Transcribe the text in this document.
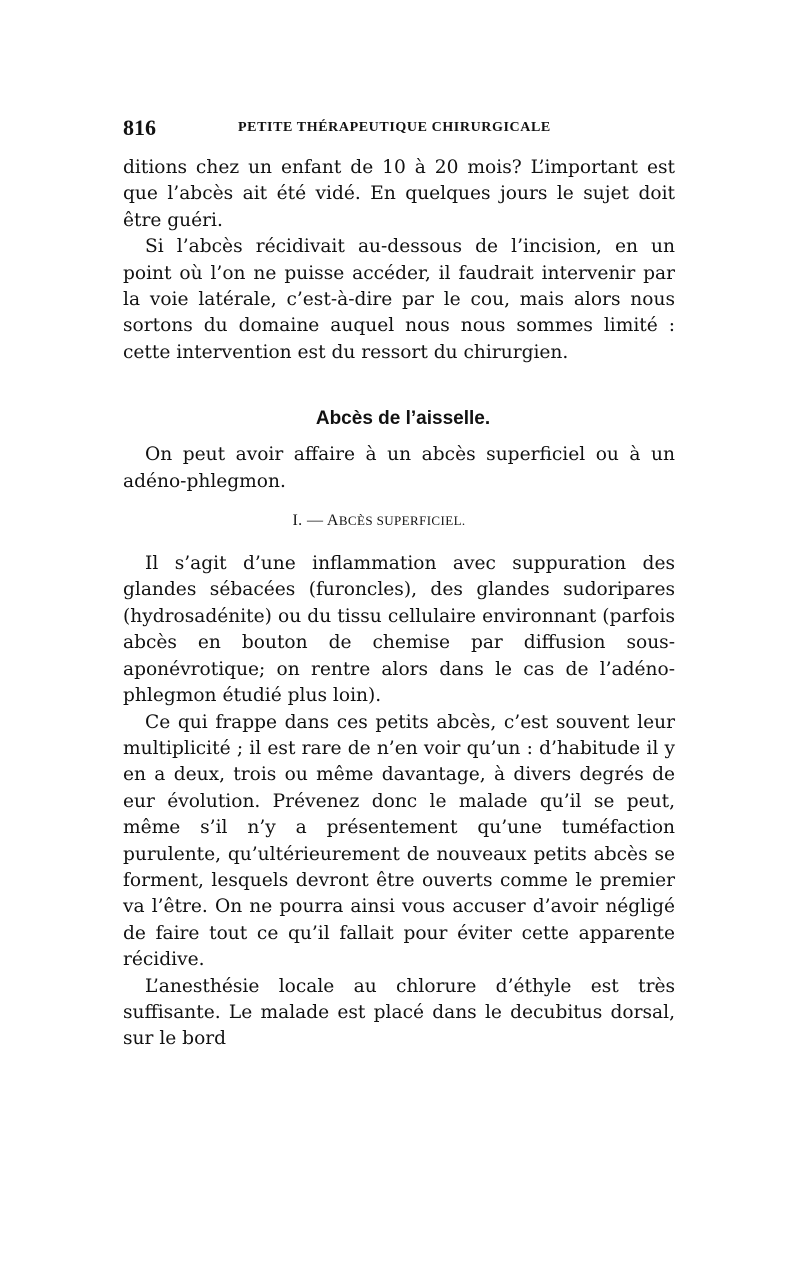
816	PETITE THÉRAPEUTIQUE CHIRURGICALE

ditions chez un enfant de 10 à 20 mois? L’important est que l’abcès ait été vidé. En quelques jours le sujet doit être guéri.

Si l’abcès récidivait au-dessous de l’incision, en un point où l’on ne puisse accéder, il faudrait intervenir par la voie latérale, c’est-à-dire par le cou, mais alors nous sortons du domaine auquel nous nous sommes limité : cette intervention est du ressort du chirurgien.

Abcès de l’aisselle.

On peut avoir affaire à un abcès superficiel ou à un adéno-phlegmon.

I. — ABCÈS SUPERFICIEL.

Il s’agit d’une inflammation avec suppuration des glandes sébacées (furoncles), des glandes sudoripares (hydrosadénite) ou du tissu cellulaire environnant (parfois abcès en bouton de chemise par diffusion sous-aponévrotique; on rentre alors dans le cas de l’adéno-phlegmon étudié plus loin).

Ce qui frappe dans ces petits abcès, c’est souvent leur multiplicité ; il est rare de n’en voir qu’un : d’habitude il y en a deux, trois ou même davantage, à divers degrés de eur évolution. Prévenez donc le malade qu’il se peut, même s’il n’y a présentement qu’une tuméfaction purulente, qu’ultérieurement de nouveaux petits abcès se forment, lesquels devront être ouverts comme le premier va l’être. On ne pourra ainsi vous accuser d’avoir négligé de faire tout ce qu’il fallait pour éviter cette apparente récidive.

L’anesthésie locale au chlorure d’éthyle est très suffisante. Le malade est placé dans le decubitus dorsal, sur le bord
